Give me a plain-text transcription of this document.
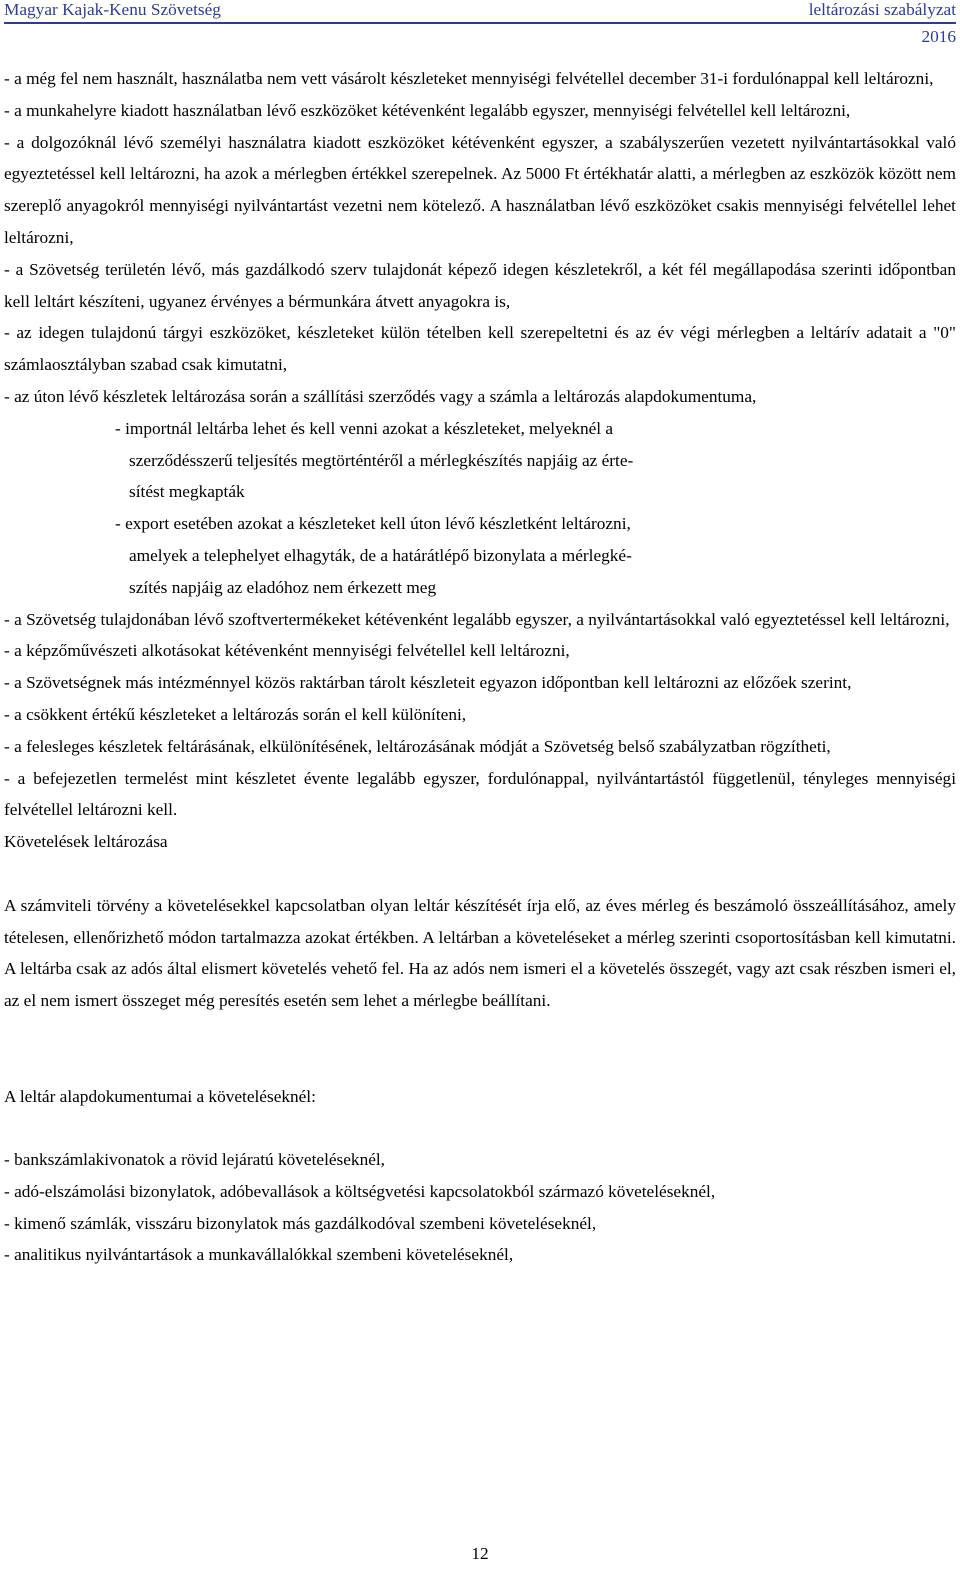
Magyar Kajak-Kenu Szövetség	leltározási szabályzat
2016

- a még fel nem használt, használatba nem vett vásárolt készleteket mennyiségi felvétellel december 31-i fordulónappal kell leltározni,

- a munkahelyre kiadott használatban lévő eszközöket kétévenként legalább egyszer, mennyiségi felvétellel kell leltározni,

- a dolgozóknál lévő személyi használatra kiadott eszközöket kétévenként egyszer, a szabályszerűen vezetett nyilvántartásokkal való egyeztetéssel kell leltározni, ha azok a mérlegben értékkel szerepelnek. Az 5000 Ft értékhatár alatti, a mérlegben az eszközök között nem szereplő anyagokról mennyiségi nyilvántartást vezetni nem kötelező. A használatban lévő eszközöket csakis mennyiségi felvétellel lehet leltározni,

- a Szövetség területén lévő, más gazdálkodó szerv tulajdonát képező idegen készletekről, a két fél megállapodása szerinti időpontban kell leltárt készíteni, ugyanez érvényes a bérmunkára átvett anyagokra is,

- az idegen tulajdonú tárgyi eszközöket, készleteket külön tételben kell szerepeltetni és az év végi mérlegben a leltárív adatait a "0" számlaosztályban szabad csak kimutatni,

- az úton lévő készletek leltározása során a szállítási szerződés vagy a számla a leltározás alapdokumentuma,

- importnál leltárba lehet és kell venni azokat a készleteket, melyeknél a
szerződésszerű teljesítés megtörténtéről a mérlegkészítés napjáig az érte-
sítést megkapták
- export esetében azokat a készleteket kell úton lévő készletként leltározni,
amelyek a telephelyet elhagyták, de a határátlépő bizonylata a mérlegké-
szítés napjáig az eladóhoz nem érkezett meg

- a Szövetség tulajdonában lévő szoftvertermékeket kétévenként legalább egyszer, a nyilvántartásokkal való egyeztetéssel kell leltározni,

- a képzőművészeti alkotásokat kétévenként mennyiségi felvétellel kell leltározni,

- a Szövetségnek más intézménnyel közös raktárban tárolt készleteit egyazon időpontban kell leltározni az előzőek szerint,

- a csökkent értékű készleteket a leltározás során el kell különíteni,

- a felesleges készletek feltárásának, elkülönítésének, leltározásának módját a Szövetség belső szabályzatban rögzítheti,

- a befejezetlen termelést mint készletet évente legalább egyszer, fordulónappal, nyilvántartástól függetlenül, tényleges mennyiségi felvétellel leltározni kell.

Követelések leltározása

A számviteli törvény a követelésekkel kapcsolatban olyan leltár készítését írja elő, az éves mérleg és beszámoló összeállításához, amely tételesen, ellenőrizhető módon tartalmazza azokat értékben. A leltárban a követeléseket a mérleg szerinti csoportosításban kell kimutatni. A leltárba csak az adós által elismert követelés vehető fel. Ha az adós nem ismeri el a követelés összegét, vagy azt csak részben ismeri el, az el nem ismert összeget még peresítés esetén sem lehet a mérlegbe beállítani.

A leltár alapdokumentumai a követeléseknél:

- bankszámlakivonatok a rövid lejáratú követeléseknél,

- adó-elszámolási bizonylatok, adóbevallások a költségvetési kapcsolatokból származó követeléseknél,

- kimenő számlák, visszáru bizonylatok más gazdálkodóval szembeni követeléseknél,

- analitikus nyilvántartások a munkavállalókkal szembeni követeléseknél,

12
